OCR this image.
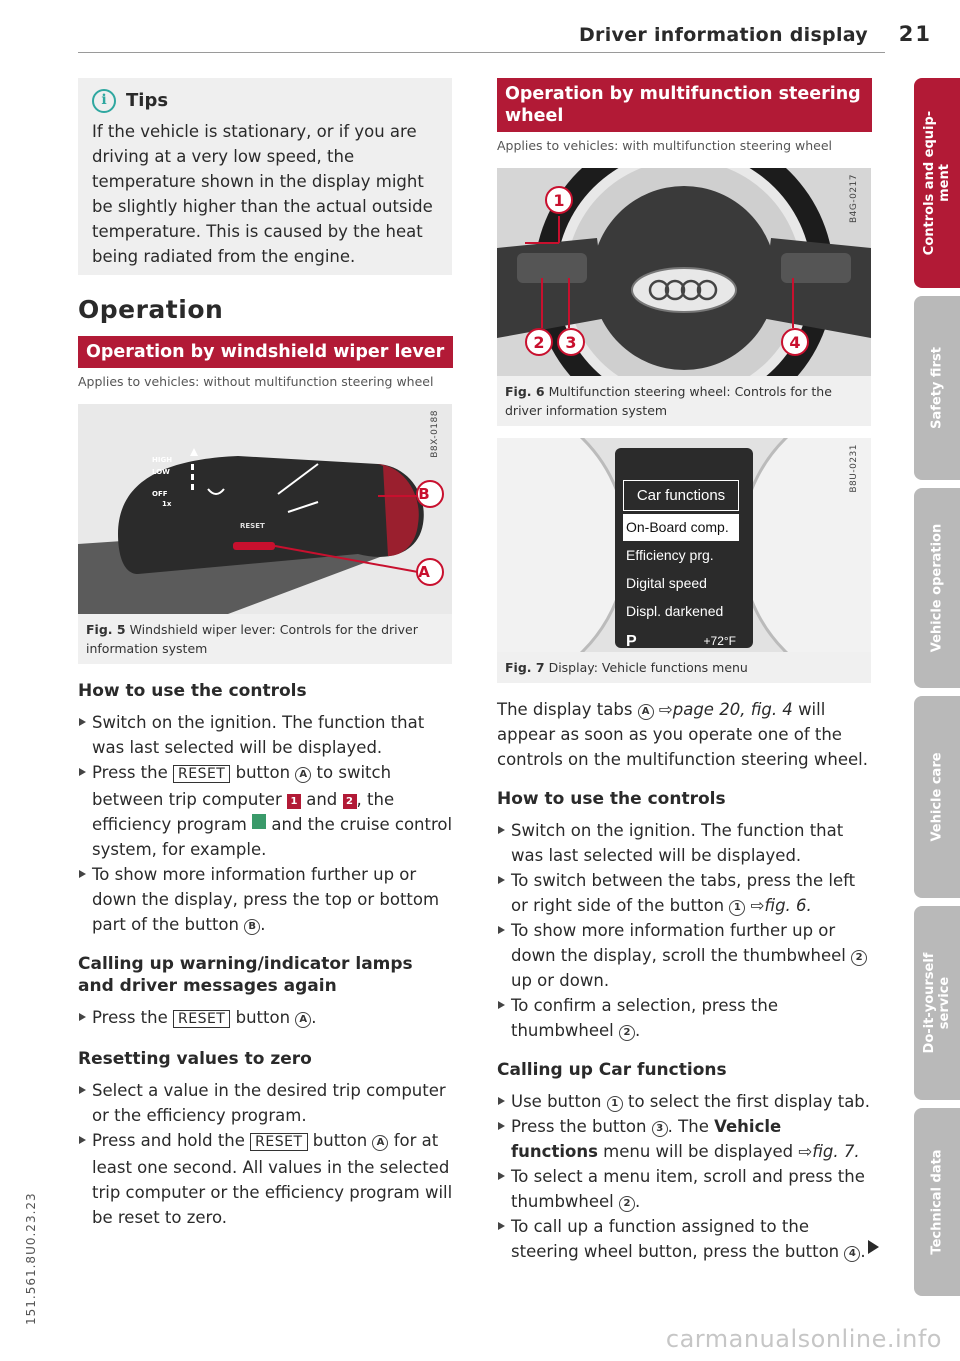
Driver information display 21
151.561.8U0.23.23
i	Tips
If the vehicle is stationary, or if you are driving at a very low speed, the temperature shown in the display might be slightly higher than the actual outside temperature. This is caused by the heat being radiated from the engine.
Operation
Operation by windshield wiper lever
Applies to vehicles: without multifunction steering wheel
HIGH
LOW
OFF
1x
RESET
B
A
B8X-0188
Fig. 5 Windshield wiper lever: Controls for the driver information system
How to use the controls
Switch on the ignition. The function that was last selected will be displayed.
Press the RESET button A to switch between trip computer 1 and 2 , the efficiency program and the cruise control system, for example.
To show more information further up or down the display, press the top or bottom part of the button B .
Calling up warning/indicator lamps and driver messages again
Press the RESET button A .
Resetting values to zero
Select a value in the desired trip computer or the efficiency program.
Press and hold the RESET button A for at least one second. All values in the selected trip computer or the efficiency program will be reset to zero.
Operation by multifunction steering wheel
Applies to vehicles: with multifunction steering wheel
1
2 3	4
B4G-0217
Fig. 6 Multifunction steering wheel: Controls for the driver information system
Car functions
On-Board comp.
Efficiency prg.
Digital speed
Displ. darkened
P	+72°F
B8U-0231
Fig. 7 Display: Vehicle functions menu
The display tabs A ⇨page 20, fig. 4 will appear as soon as you operate one of the controls on the multifunction steering wheel.
How to use the controls
Switch on the ignition. The function that was last selected will be displayed.
To switch between the tabs, press the left or right side of the button 1 ⇨fig. 6.
To show more information further up or down the display, scroll the thumbwheel 2 up or down.
To confirm a selection, press the thumbwheel 2 .
Calling up Car functions
Use button 1 to select the first display tab.
Press the button 3 . The Vehicle functions menu will be displayed ⇨fig. 7.
To select a menu item, scroll and press the thumbwheel 2 .
To call up a function assigned to the steering wheel button, press the button 4 .
Controls and equip-
ment
Safety first
Vehicle operation
Vehicle care
Do-it-yourself
service
Technical data
carmanualsonline.info
